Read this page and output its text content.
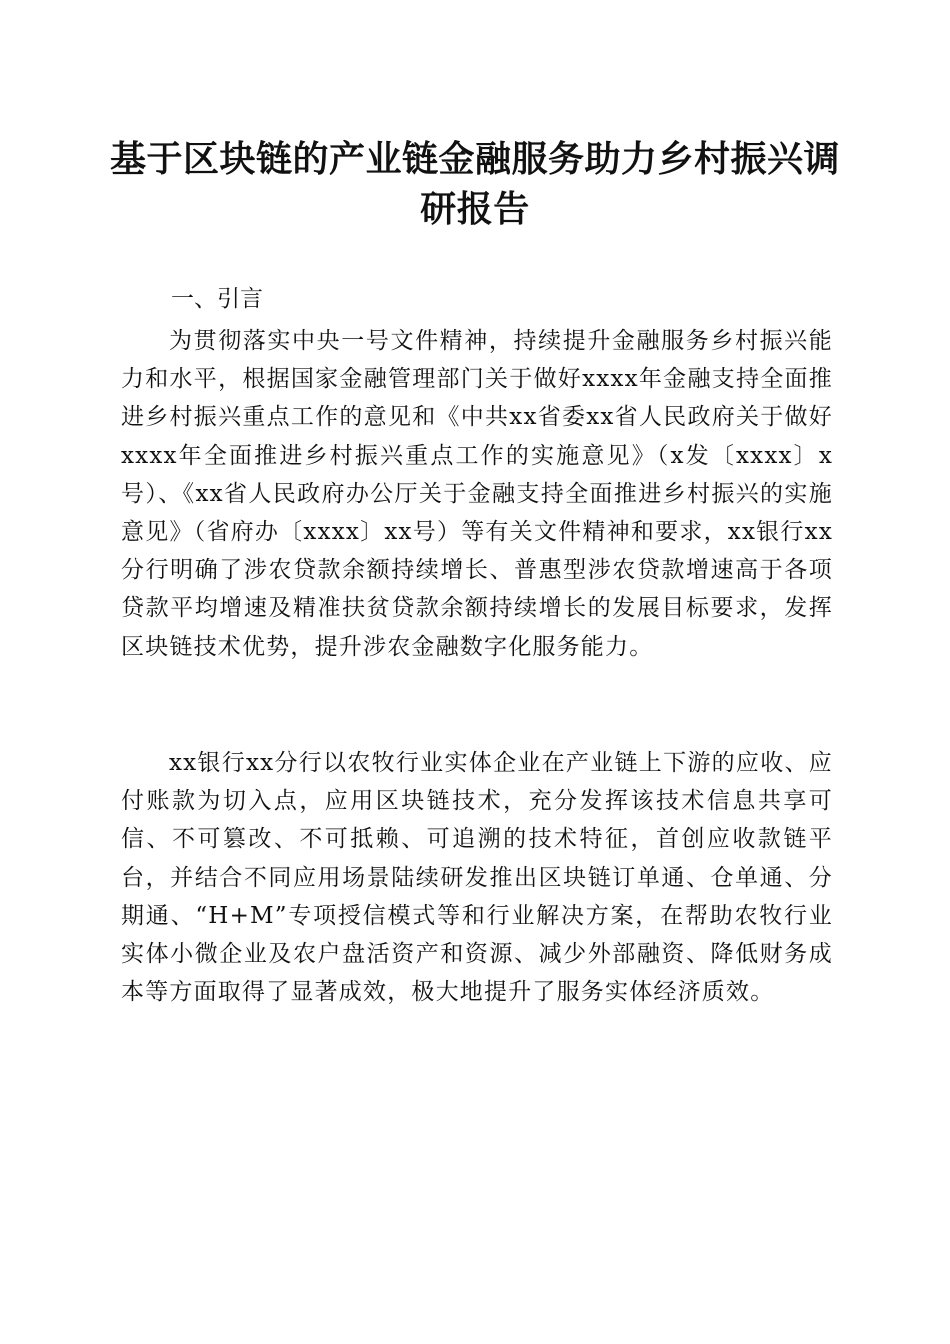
基于区块链的产业链金融服务助力乡村振兴调研报告
一、引言

为贯彻落实中央一号文件精神，持续提升金融服务乡村振兴能力和水平，根据国家金融管理部门关于做好xxxx年金融支持全面推进乡村振兴重点工作的意见和《中共xx省委xx省人民政府关于做好xxxx年全面推进乡村振兴重点工作的实施意见》（x发〔xxxx〕x号）、《xx省人民政府办公厅关于金融支持全面推进乡村振兴的实施意见》（省府办〔xxxx〕xx号）等有关文件精神和要求，xx银行xx分行明确了涉农贷款余额持续增长、普惠型涉农贷款增速高于各项贷款平均增速及精准扶贫贷款余额持续增长的发展目标要求，发挥区块链技术优势，提升涉农金融数字化服务能力。

xx银行xx分行以农牧行业实体企业在产业链上下游的应收、应付账款为切入点，应用区块链技术，充分发挥该技术信息共享可信、不可篡改、不可抵赖、可追溯的技术特征，首创应收款链平台，并结合不同应用场景陆续研发推出区块链订单通、仓单通、分期通、“H+M”专项授信模式等和行业解决方案，在帮助农牧行业实体小微企业及农户盘活资产和资源、减少外部融资、降低财务成本等方面取得了显著成效，极大地提升了服务实体经济质效。
